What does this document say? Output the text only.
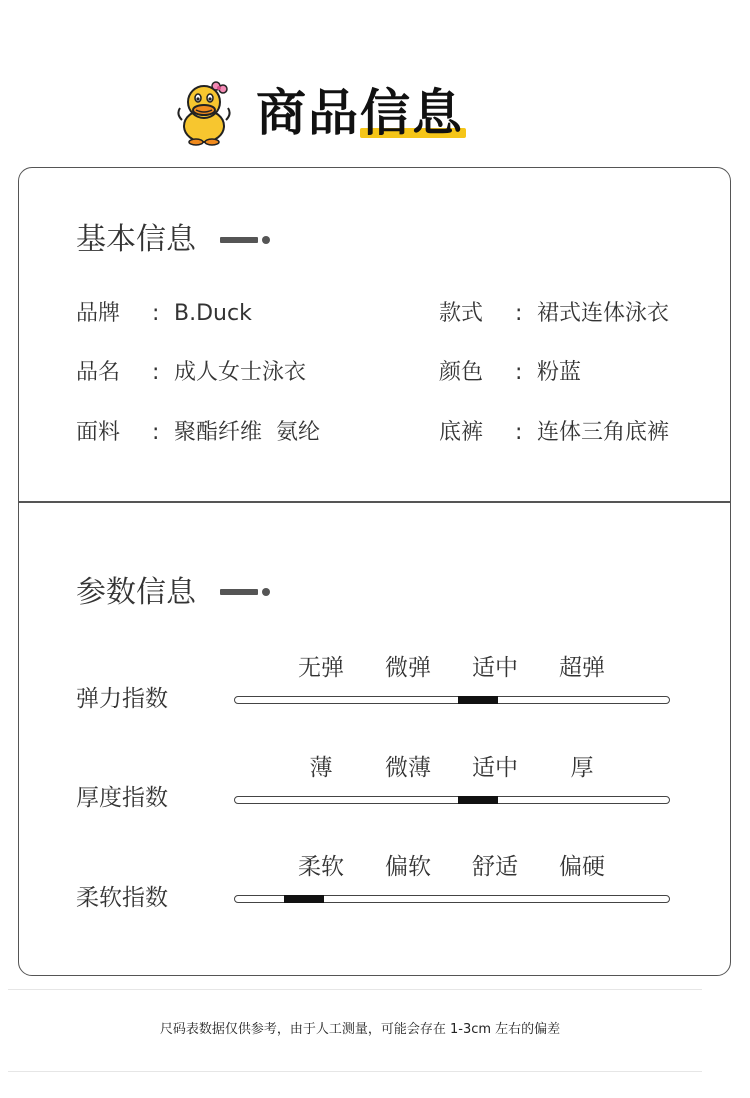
商品信息
基本信息
品牌 : B.Duck	款式 : 裙式连体泳衣
品名 : 成人女士泳衣	颜色 : 粉蓝
面料 : 聚酯纤维  氨纶	底裤 : 连体三角底裤
参数信息
无弹 微弹 适中 超弹
弹力指数
薄 微薄 适中 厚
厚度指数
柔软 偏软 舒适 偏硬
柔软指数
尺码表数据仅供参考，由于人工测量，可能会存在 1-3cm 左右的偏差
